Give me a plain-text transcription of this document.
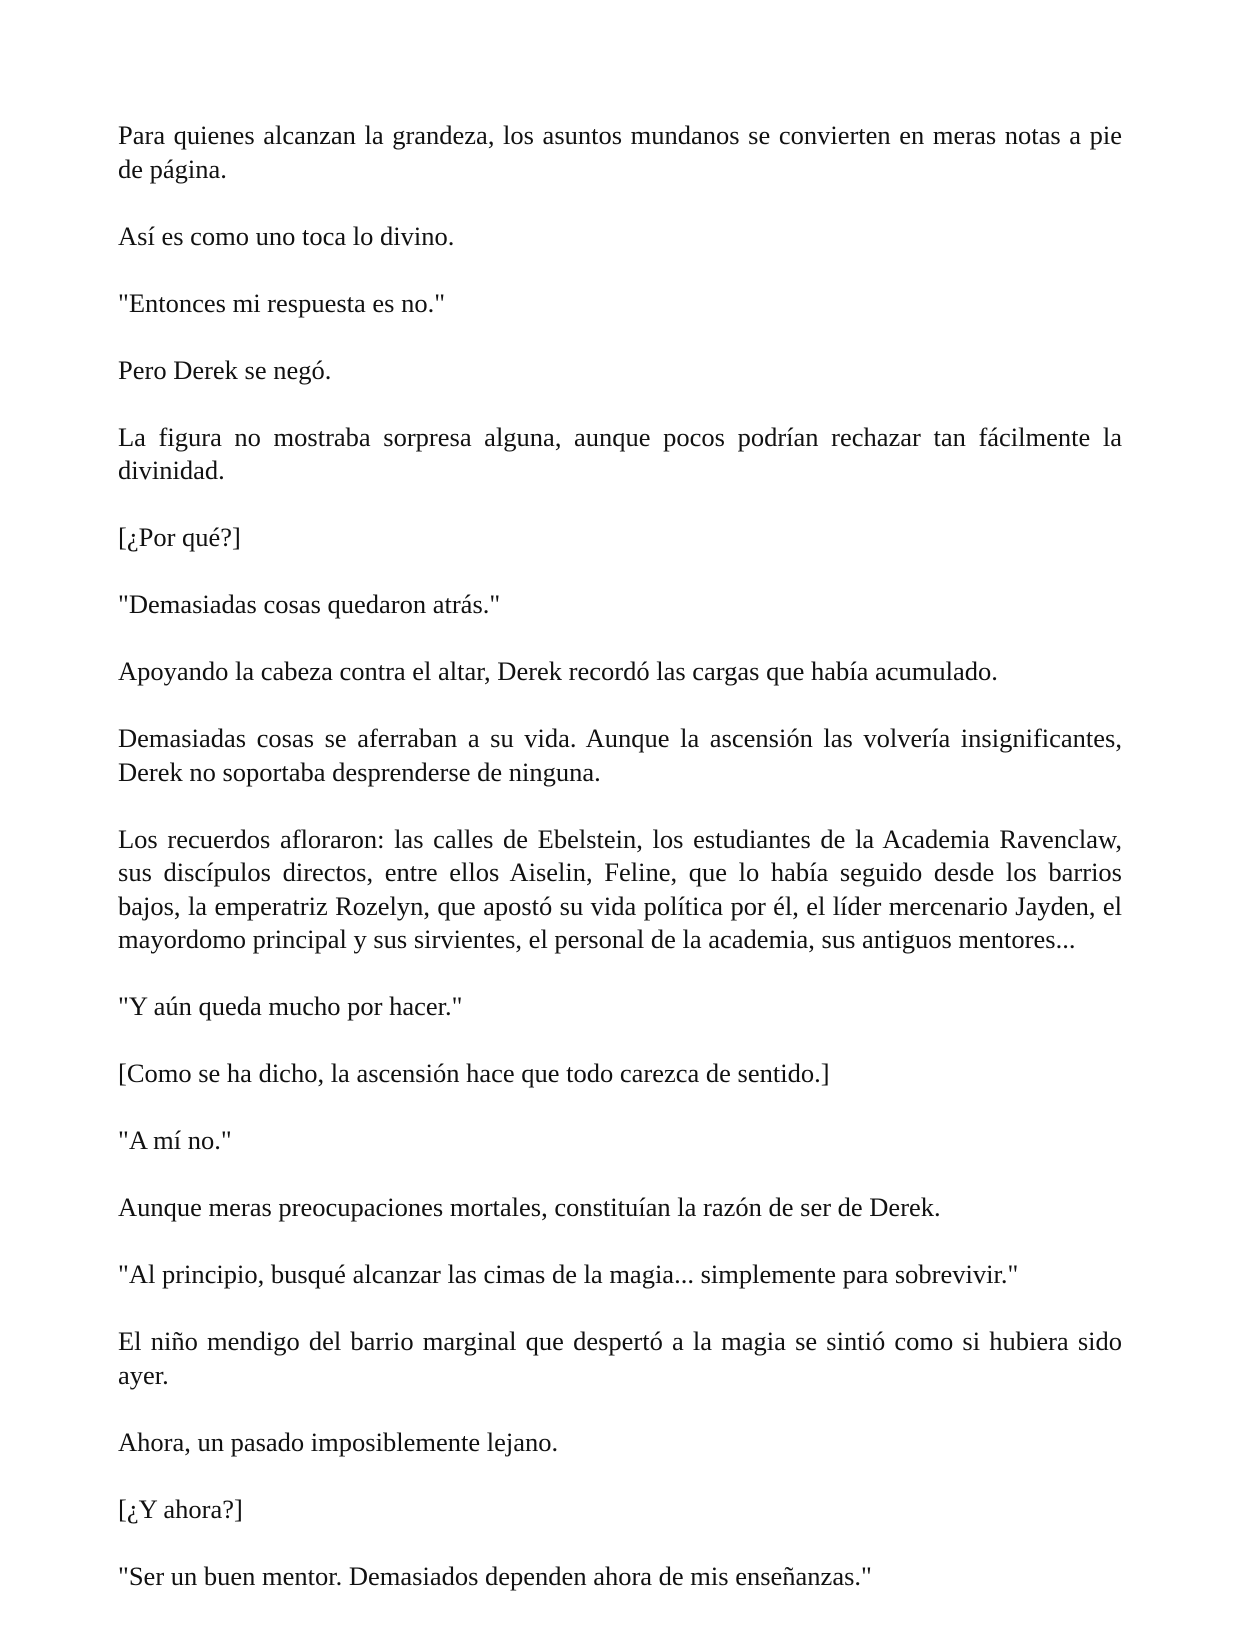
Para quienes alcanzan la grandeza, los asuntos mundanos se convierten en meras notas a pie de página.

Así es como uno toca lo divino.

"Entonces mi respuesta es no."

Pero Derek se negó.

La figura no mostraba sorpresa alguna, aunque pocos podrían rechazar tan fácilmente la divinidad.

[¿Por qué?]

"Demasiadas cosas quedaron atrás."

Apoyando la cabeza contra el altar, Derek recordó las cargas que había acumulado.

Demasiadas cosas se aferraban a su vida. Aunque la ascensión las volvería insignificantes, Derek no soportaba desprenderse de ninguna.

Los recuerdos afloraron: las calles de Ebelstein, los estudiantes de la Academia Ravenclaw, sus discípulos directos, entre ellos Aiselin, Feline, que lo había seguido desde los barrios bajos, la emperatriz Rozelyn, que apostó su vida política por él, el líder mercenario Jayden, el mayordomo principal y sus sirvientes, el personal de la academia, sus antiguos mentores...

"Y aún queda mucho por hacer."

[Como se ha dicho, la ascensión hace que todo carezca de sentido.]

"A mí no."

Aunque meras preocupaciones mortales, constituían la razón de ser de Derek.

"Al principio, busqué alcanzar las cimas de la magia... simplemente para sobrevivir."

El niño mendigo del barrio marginal que despertó a la magia se sintió como si hubiera sido ayer.

Ahora, un pasado imposiblemente lejano.

[¿Y ahora?]

"Ser un buen mentor. Demasiados dependen ahora de mis enseñanzas."
